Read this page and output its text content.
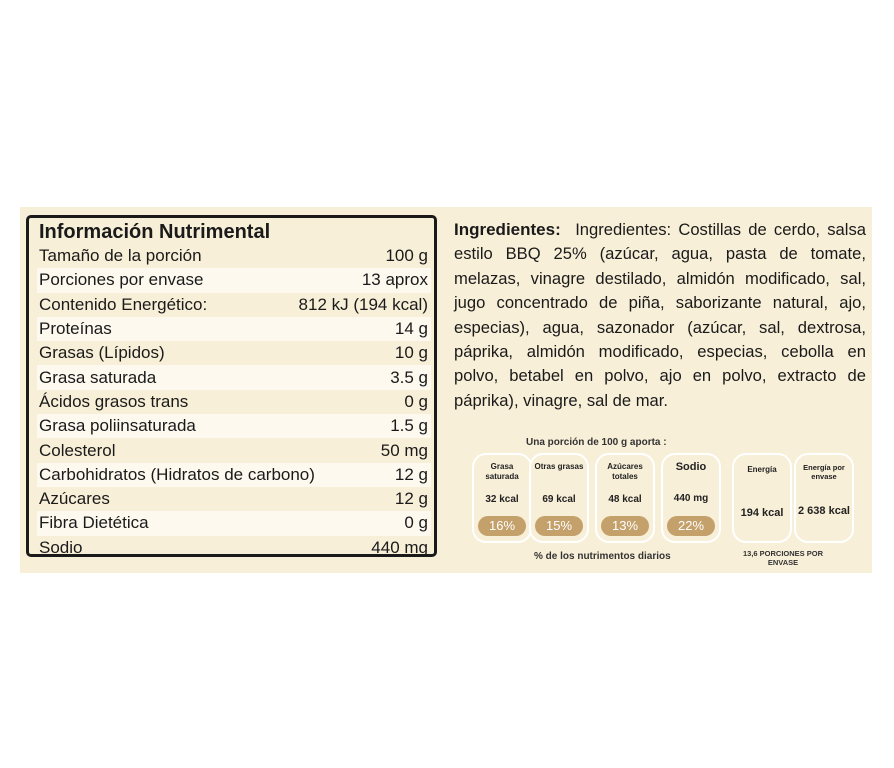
Información Nutrimental
Tamaño de la porción	100 g
Porciones por envase	13 aprox
Contenido Energético:	812 kJ (194 kcal)
Proteínas	14 g
Grasas (Lípidos)	10 g
Grasa saturada	3.5 g
Ácidos grasos trans	0 g
Grasa poliinsaturada	1.5 g
Colesterol	50 mg
Carbohidratos (Hidratos de carbono)	12 g
Azúcares	12 g
Fibra Dietética	0 g
Sodio	440 mg
Ingredientes: Ingredientes: Costillas de cerdo, salsa estilo BBQ 25% (azúcar, agua, pasta de tomate, melazas, vinagre destilado, almidón modificado, sal, jugo concentrado de piña, saborizante natural, ajo, especias), agua, sazonador (azúcar, sal, dextrosa, páprika, almidón modificado, especias, cebolla en polvo, betabel en polvo, ajo en polvo, extracto de páprika), vinagre, sal de mar.
Una porción de 100 g aporta :
Grasa saturada
32 kcal
16%
Otras grasas
69 kcal
15%
Azúcares totales
48 kcal
13%
Sodio
440 mg
22%
Energía
194 kcal
Energía por envase
2 638 kcal
% de los nutrimentos diarios	13,6 PORCIONES POR ENVASE
